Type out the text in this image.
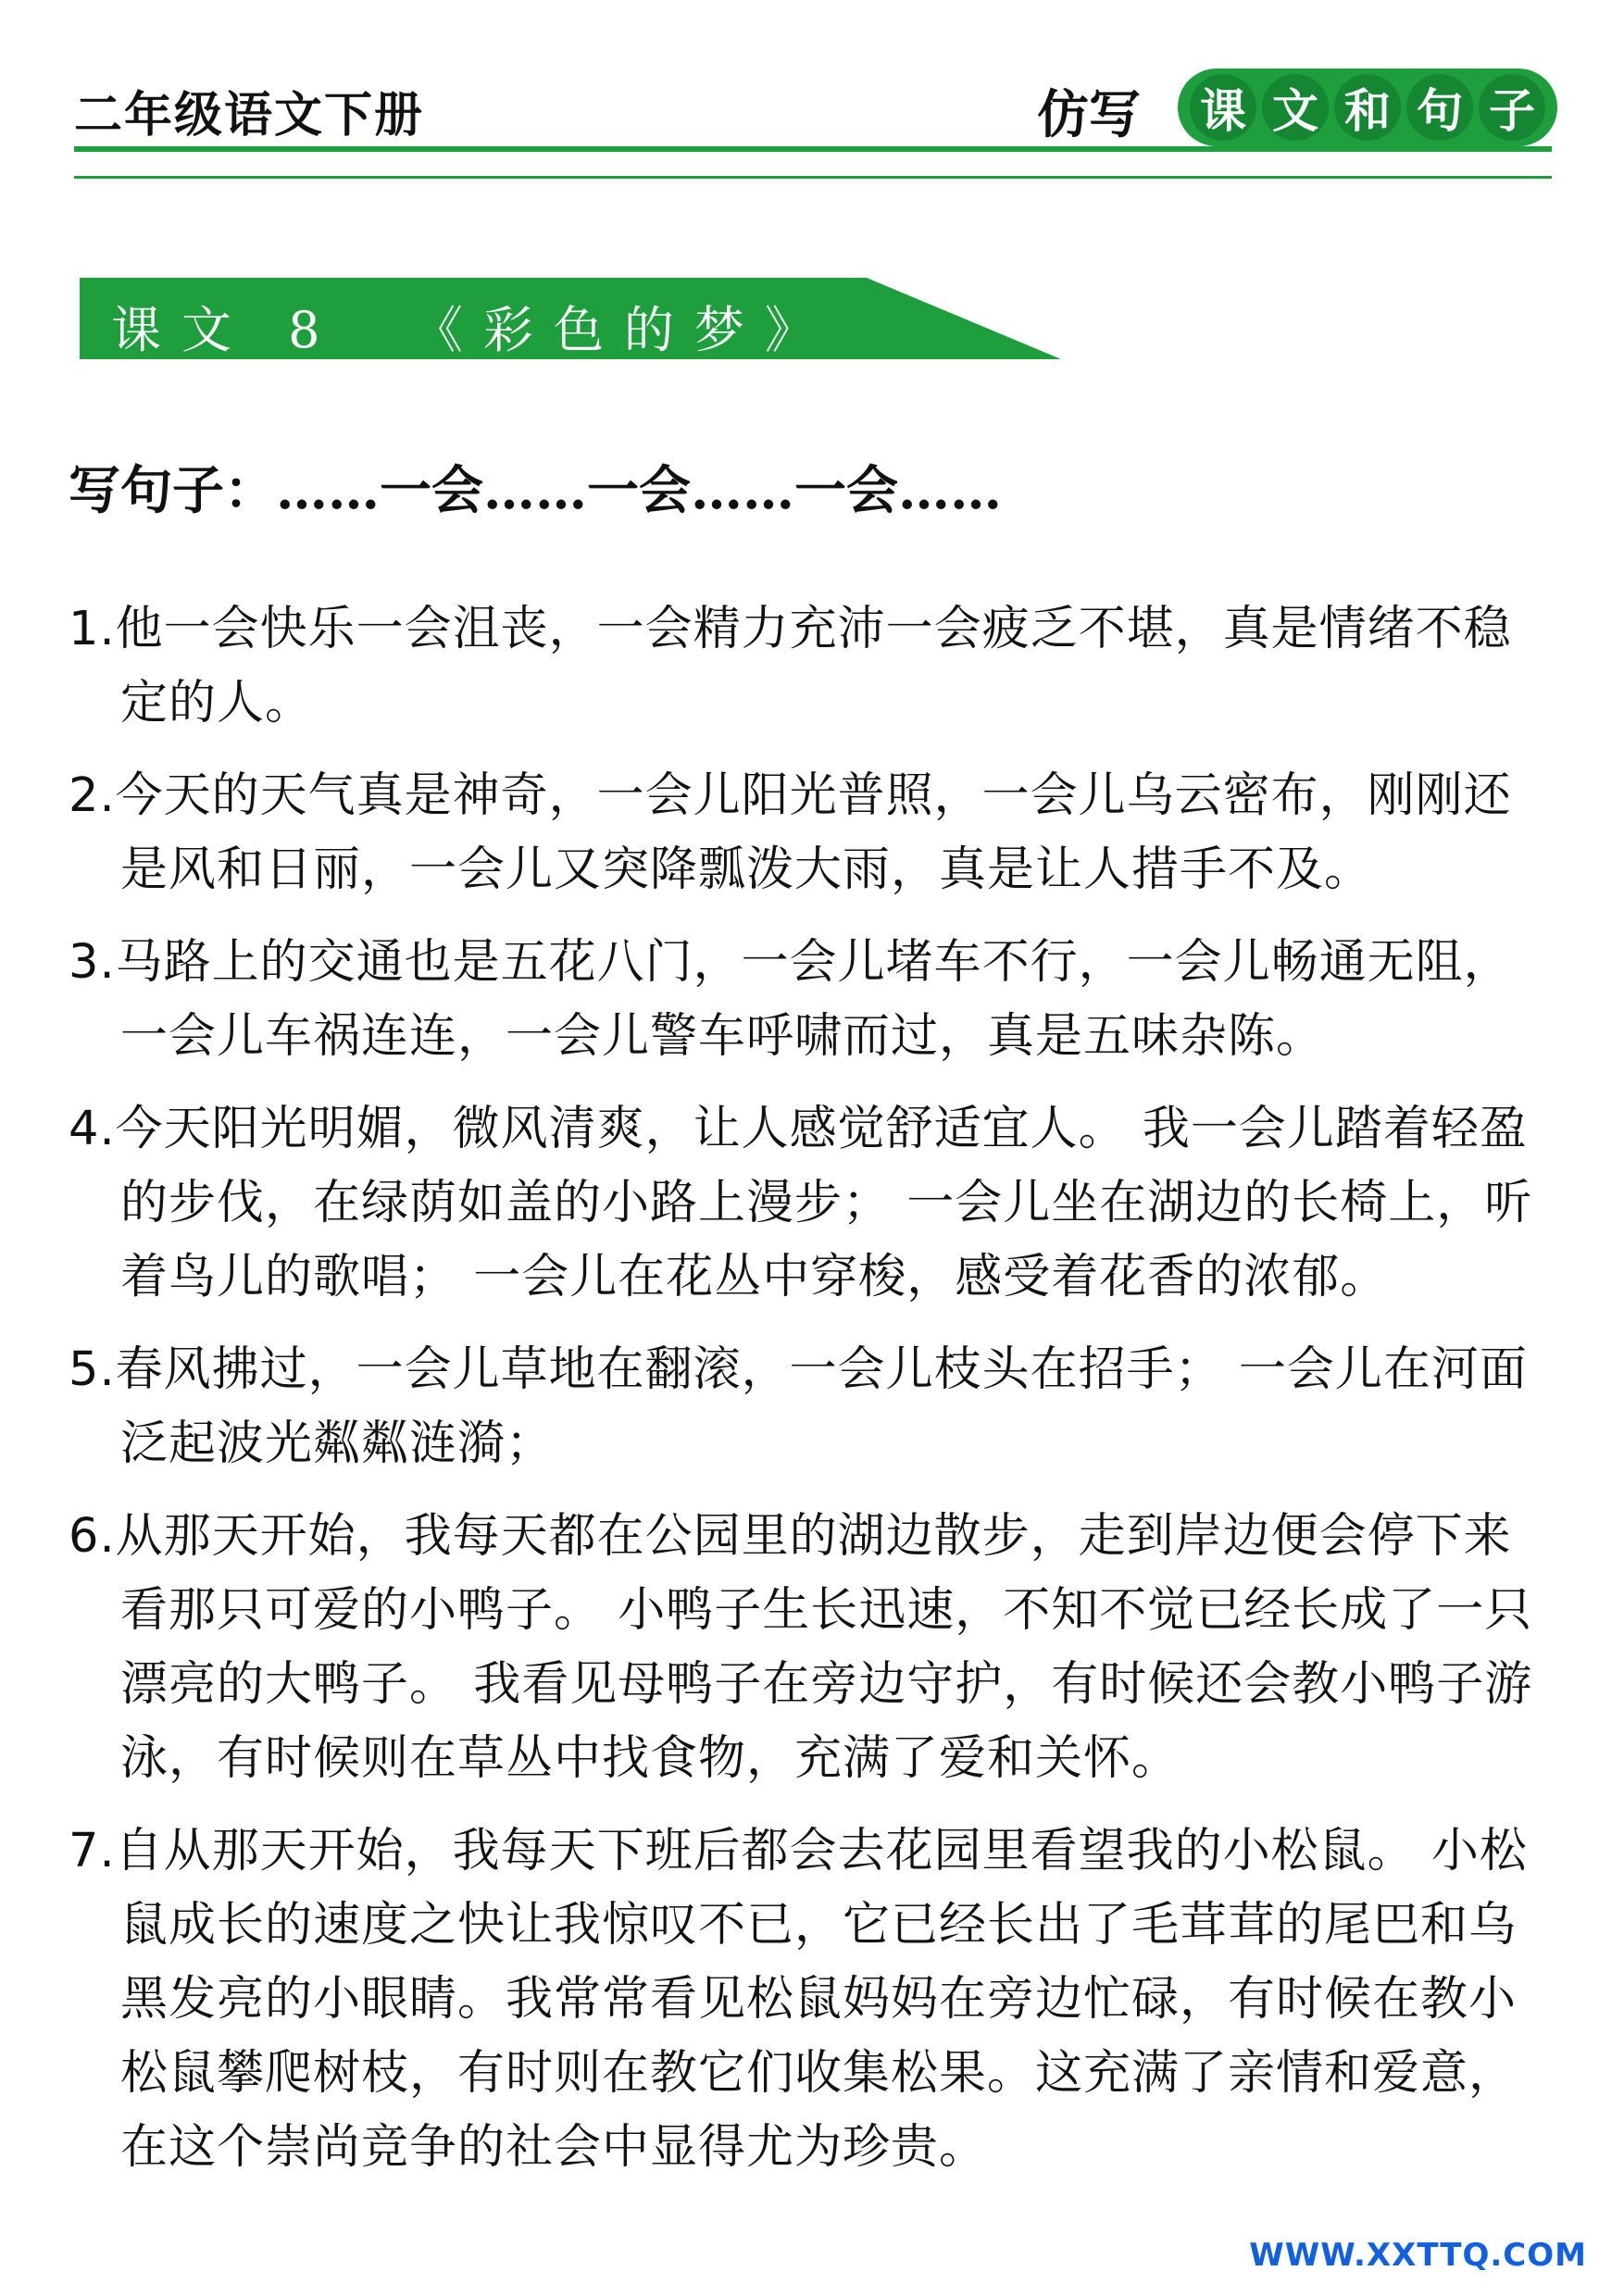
二年级语文下册	仿写 课 文 和 句 子
课文 8  《彩色的梦》
写句子：……一会……一会……一会……
1.他一会快乐一会沮丧，一会精力充沛一会疲乏不堪，真是情绪不稳定的人。
2.今天的天气真是神奇，一会儿阳光普照，一会儿乌云密布，刚刚还是风和日丽，一会儿又突降瓢泼大雨，真是让人措手不及。
3.马路上的交通也是五花八门，一会儿堵车不行，一会儿畅通无阻，一会儿车祸连连，一会儿警车呼啸而过，真是五味杂陈。
4.今天阳光明媚，微风清爽，让人感觉舒适宜人。 我一会儿踏着轻盈的步伐，在绿荫如盖的小路上漫步； 一会儿坐在湖边的长椅上，听着鸟儿的歌唱； 一会儿在花丛中穿梭，感受着花香的浓郁。
5.春风拂过，一会儿草地在翻滚，一会儿枝头在招手； 一会儿在河面泛起波光粼粼涟漪；
6.从那天开始，我每天都在公园里的湖边散步，走到岸边便会停下来看那只可爱的小鸭子。 小鸭子生长迅速，不知不觉已经长成了一只漂亮的大鸭子。 我看见母鸭子在旁边守护，有时候还会教小鸭子游泳，有时候则在草丛中找食物，充满了爱和关怀。
7.自从那天开始，我每天下班后都会去花园里看望我的小松鼠。 小松鼠成长的速度之快让我惊叹不已，它已经长出了毛茸茸的尾巴和乌黑发亮的小眼睛。我常常看见松鼠妈妈在旁边忙碌，有时候在教小松鼠攀爬树枝，有时则在教它们收集松果。这充满了亲情和爱意，在这个崇尚竞争的社会中显得尤为珍贵。
WWW.XXTTQ.COM
